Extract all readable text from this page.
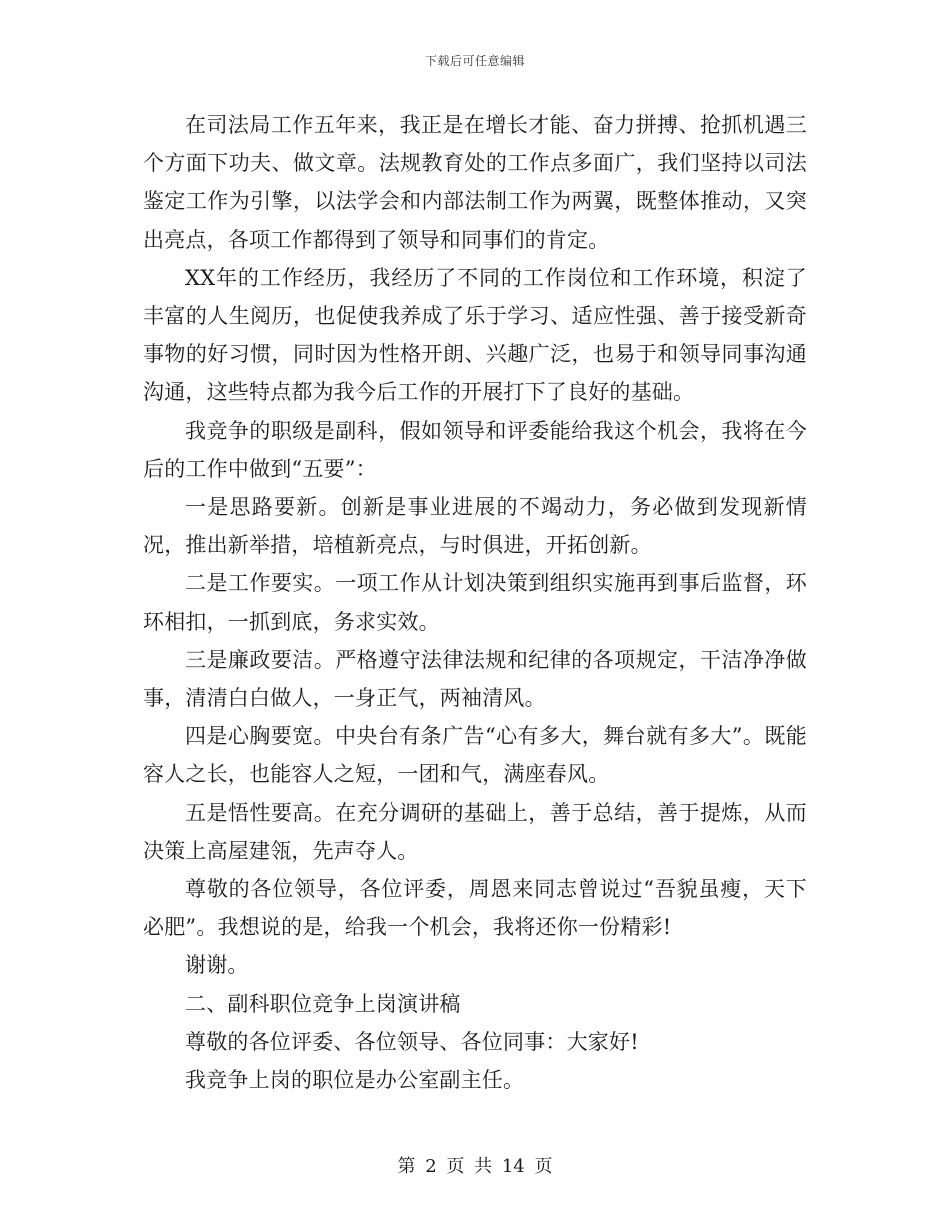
下载后可任意编辑

在司法局工作五年来，我正是在增长才能、奋力拼搏、抢抓机遇三个方面下功夫、做文章。法规教育处的工作点多面广，我们坚持以司法鉴定工作为引擎，以法学会和内部法制工作为两翼，既整体推动，又突出亮点，各项工作都得到了领导和同事们的肯定。

XX年的工作经历，我经历了不同的工作岗位和工作环境，积淀了丰富的人生阅历，也促使我养成了乐于学习、适应性强、善于接受新奇事物的好习惯，同时因为性格开朗、兴趣广泛，也易于和领导同事沟通沟通，这些特点都为我今后工作的开展打下了良好的基础。

我竞争的职级是副科，假如领导和评委能给我这个机会，我将在今后的工作中做到“五要”：

一是思路要新。创新是事业进展的不竭动力，务必做到发现新情况，推出新举措，培植新亮点，与时俱进，开拓创新。

二是工作要实。一项工作从计划决策到组织实施再到事后监督，环环相扣，一抓到底，务求实效。

三是廉政要洁。严格遵守法律法规和纪律的各项规定，干洁净净做事，清清白白做人，一身正气，两袖清风。

四是心胸要宽。中央台有条广告“心有多大，舞台就有多大”。既能容人之长，也能容人之短，一团和气，满座春风。

五是悟性要高。在充分调研的基础上，善于总结，善于提炼，从而决策上高屋建瓴，先声夺人。

尊敬的各位领导，各位评委，周恩来同志曾说过“吾貌虽瘦，天下必肥”。我想说的是，给我一个机会，我将还你一份精彩!

谢谢。

二、副科职位竞争上岗演讲稿

尊敬的各位评委、各位领导、各位同事：大家好!

我竞争上岗的职位是办公室副主任。

第 2 页 共 14 页
